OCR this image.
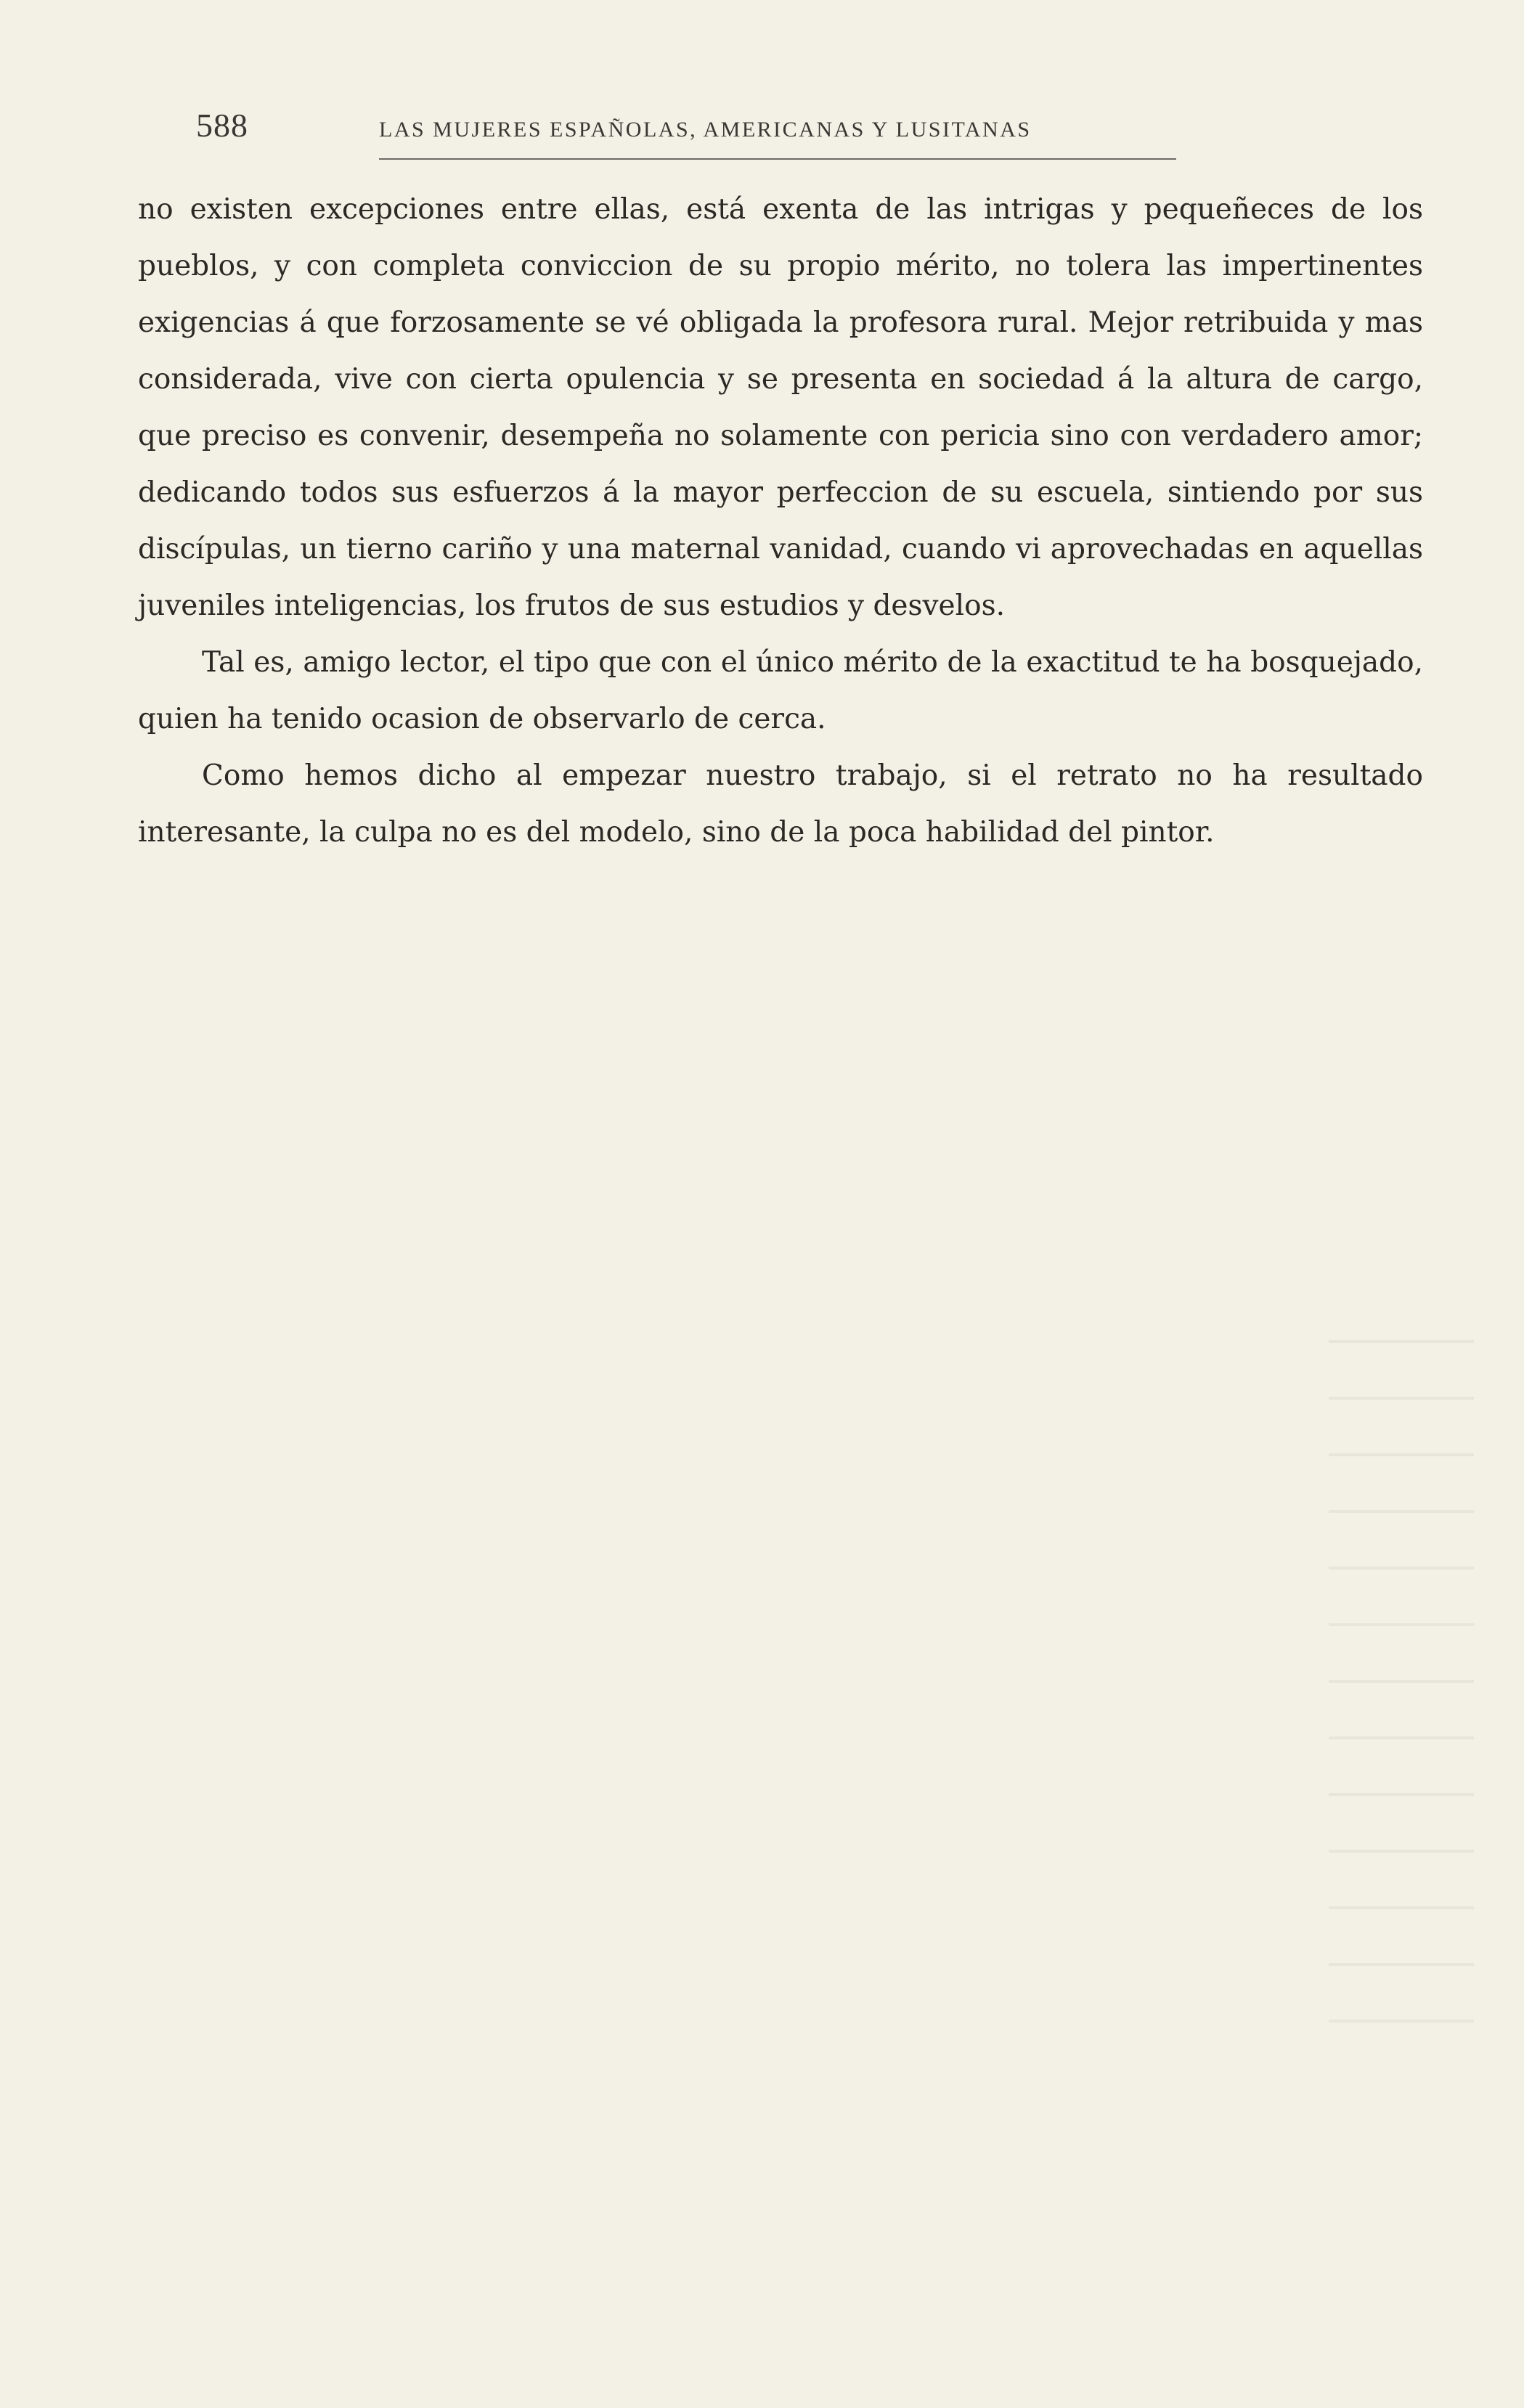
588	LAS MUJERES ESPAÑOLAS, AMERICANAS Y LUSITANAS

no existen excepciones entre ellas, está exenta de las intrigas y pequeñeces de los pueblos, y con completa conviccion de su propio mérito, no tolera las impertinentes exigencias á que forzosamente se vé obligada la profesora rural. Mejor retribuida y mas considerada, vive con cierta opulencia y se presenta en sociedad á la altura de cargo, que preciso es convenir, desempeña no solamente con pericia sino con verdadero amor; dedicando todos sus esfuerzos á la mayor perfeccion de su escuela, sintiendo por sus discípulas, un tierno cariño y una maternal vanidad, cuando vi aprovechadas en aquellas juveniles inteligencias, los frutos de sus estudios y desvelos.

Tal es, amigo lector, el tipo que con el único mérito de la exactitud te ha bosquejado, quien ha tenido ocasion de observarlo de cerca.

Como hemos dicho al empezar nuestro trabajo, si el retrato no ha resultado interesante, la culpa no es del modelo, sino de la poca habilidad del pintor.
